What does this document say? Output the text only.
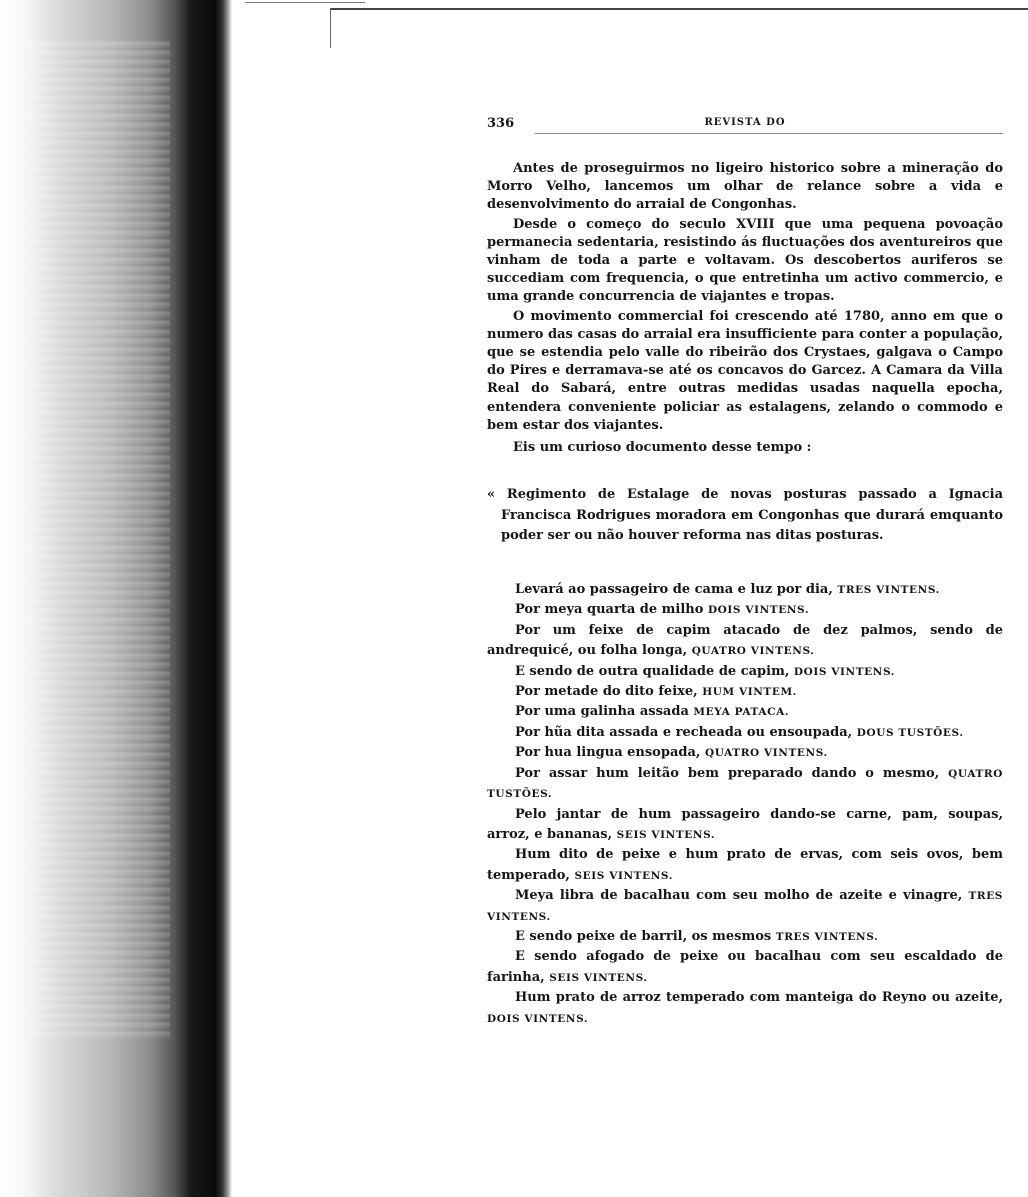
336	REVISTA DO

Antes de proseguirmos no ligeiro historico sobre a mineração do Morro Velho, lancemos um olhar de relance sobre a vida e desenvolvimento do arraial de Congonhas.

Desde o começo do seculo XVIII que uma pequena povoação permanecia sedentaria, resistindo ás fluctuações dos aventureiros que vinham de toda a parte e voltavam. Os descobertos auriferos se succediam com frequencia, o que entretinha um activo commercio, e uma grande concurrencia de viajantes e tropas.

O movimento commercial foi crescendo até 1780, anno em que o numero das casas do arraial era insufficiente para conter a população, que se estendia pelo valle do ribeirão dos Crystaes, galgava o Campo do Pires e derramava-se até os concavos do Garcez. A Camara da Villa Real do Sabará, entre outras medidas usadas naquella epocha, entendera conveniente policiar as estalagens, zelando o commodo e bem estar dos viajantes.

Eis um curioso documento desse tempo :

« Regimento de Estalage de novas posturas passado a Ignacia Francisca Rodrigues moradora em Congonhas que durará emquanto poder ser ou não houver reforma nas ditas posturas.

Levará ao passageiro de cama e luz por dia, TRES VINTENS.

Por meya quarta de milho DOIS VINTENS.

Por um feixe de capim atacado de dez palmos, sendo de andrequicé, ou folha longa, QUATRO VINTENS.

E sendo de outra qualidade de capim, DOIS VINTENS.

Por metade do dito feixe, HUM VINTEM.

Por uma galinha assada MEYA PATACA.

Por hũa dita assada e recheada ou ensoupada, DOUS TUSTÕES.

Por hua lingua ensopada, QUATRO VINTENS.

Por assar hum leitão bem preparado dando o mesmo, QUATRO TUSTÕES.

Pelo jantar de hum passageiro dando-se carne, pam, soupas, arroz, e bananas, SEIS VINTENS.

Hum dito de peixe e hum prato de ervas, com seis ovos, bem temperado, SEIS VINTENS.

Meya libra de bacalhau com seu molho de azeite e vinagre, TRES VINTENS.

E sendo peixe de barril, os mesmos TRES VINTENS.

E sendo afogado de peixe ou bacalhau com seu escaldado de farinha, SEIS VINTENS.

Hum prato de arroz temperado com manteiga do Reyno ou azeite, DOIS VINTENS.
